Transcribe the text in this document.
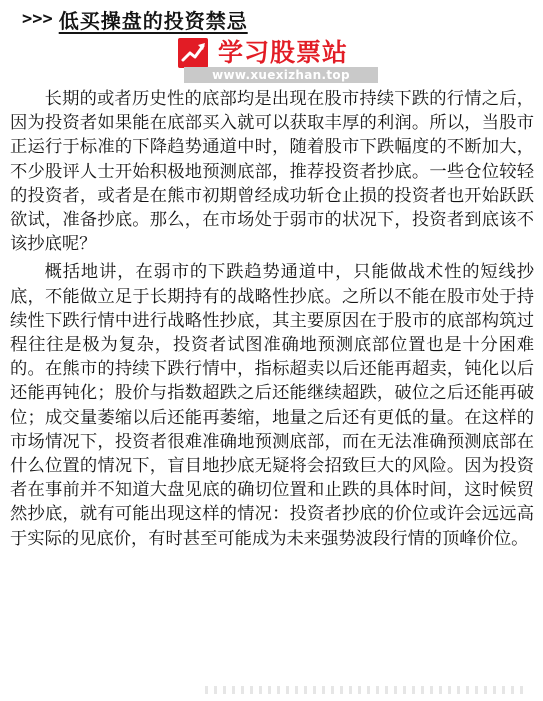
>>> 低买操盘的投资禁忌
学习股票站
www.xuexizhan.top

长期的或者历史性的底部均是出现在股市持续下跌的行情之后，因为投资者如果能在底部买入就可以获取丰厚的利润。所以，当股市正运行于标准的下降趋势通道中时，随着股市下跌幅度的不断加大，不少股评人士开始积极地预测底部，推荐投资者抄底。一些仓位较轻的投资者，或者是在熊市初期曾经成功斩仓止损的投资者也开始跃跃欲试，准备抄底。那么，在市场处于弱市的状况下，投资者到底该不该抄底呢？

概括地讲，在弱市的下跌趋势通道中，只能做战术性的短线抄底，不能做立足于长期持有的战略性抄底。之所以不能在股市处于持续性下跌行情中进行战略性抄底，其主要原因在于股市的底部构筑过程往往是极为复杂，投资者试图准确地预测底部位置也是十分困难的。在熊市的持续下跌行情中，指标超卖以后还能再超卖，钝化以后还能再钝化；股价与指数超跌之后还能继续超跌，破位之后还能再破位；成交量萎缩以后还能再萎缩，地量之后还有更低的量。在这样的市场情况下，投资者很难准确地预测底部，而在无法准确预测底部在什么位置的情况下，盲目地抄底无疑将会招致巨大的风险。因为投资者在事前并不知道大盘见底的确切位置和止跌的具体时间，这时候贸然抄底，就有可能出现这样的情况：投资者抄底的价位或许会远远高于实际的见底价，有时甚至可能成为未来强势波段行情的顶峰价位。
